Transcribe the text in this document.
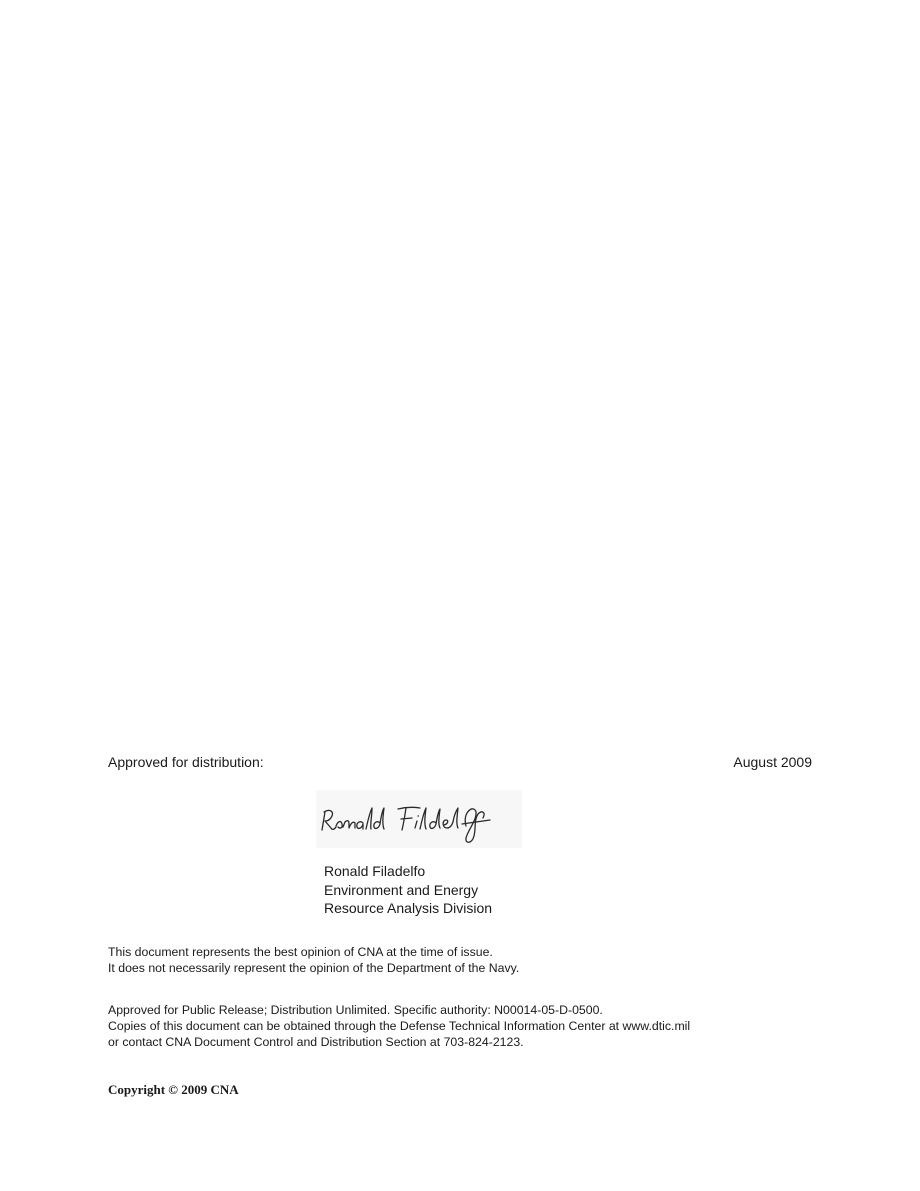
Approved for distribution:	August 2009
Ronald Filadelfo
Environment and Energy
Resource Analysis Division
This document represents the best opinion of CNA at the time of issue.
It does not necessarily represent the opinion of the Department of the Navy.
Approved for Public Release; Distribution Unlimited. Specific authority: N00014-05-D-0500.
Copies of this document can be obtained through the Defense Technical Information Center at www.dtic.mil
or contact CNA Document Control and Distribution Section at 703-824-2123.
Copyright © 2009 CNA
